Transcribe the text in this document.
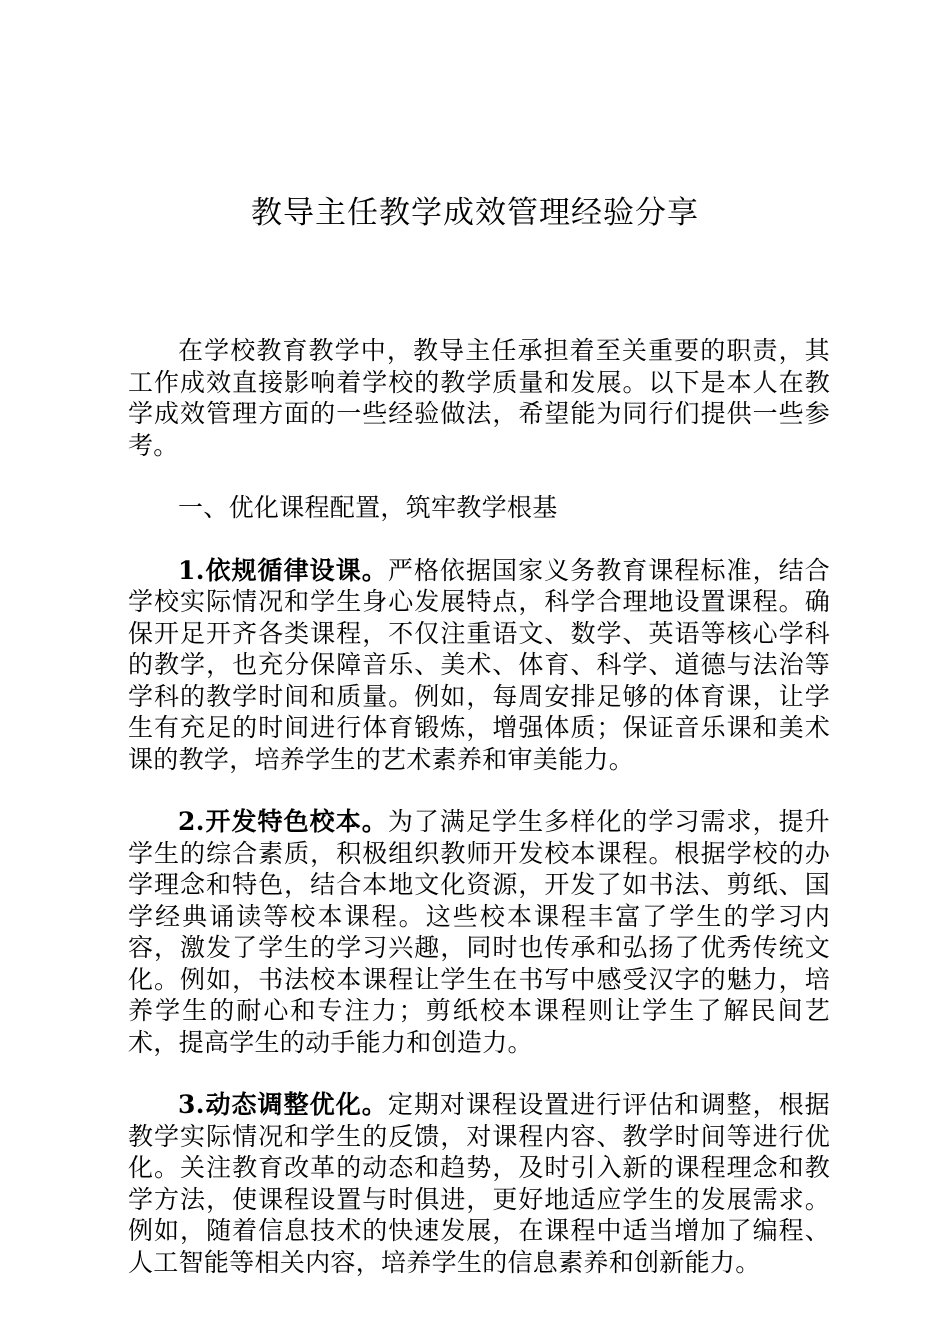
教导主任教学成效管理经验分享

在学校教育教学中，教导主任承担着至关重要的职责，其工作成效直接影响着学校的教学质量和发展。以下是本人在教学成效管理方面的一些经验做法，希望能为同行们提供一些参考。

一、优化课程配置，筑牢教学根基

1.依规循律设课。严格依据国家义务教育课程标准，结合学校实际情况和学生身心发展特点，科学合理地设置课程。确保开足开齐各类课程，不仅注重语文、数学、英语等核心学科的教学，也充分保障音乐、美术、体育、科学、道德与法治等学科的教学时间和质量。例如，每周安排足够的体育课，让学生有充足的时间进行体育锻炼，增强体质；保证音乐课和美术课的教学，培养学生的艺术素养和审美能力。

2.开发特色校本。为了满足学生多样化的学习需求，提升学生的综合素质，积极组织教师开发校本课程。根据学校的办学理念和特色，结合本地文化资源，开发了如书法、剪纸、国学经典诵读等校本课程。这些校本课程丰富了学生的学习内容，激发了学生的学习兴趣，同时也传承和弘扬了优秀传统文化。例如，书法校本课程让学生在书写中感受汉字的魅力，培养学生的耐心和专注力；剪纸校本课程则让学生了解民间艺术，提高学生的动手能力和创造力。

3.动态调整优化。定期对课程设置进行评估和调整，根据教学实际情况和学生的反馈，对课程内容、教学时间等进行优化。关注教育改革的动态和趋势，及时引入新的课程理念和教学方法，使课程设置与时俱进，更好地适应学生的发展需求。例如，随着信息技术的快速发展，在课程中适当增加了编程、人工智能等相关内容，培养学生的信息素养和创新能力。
